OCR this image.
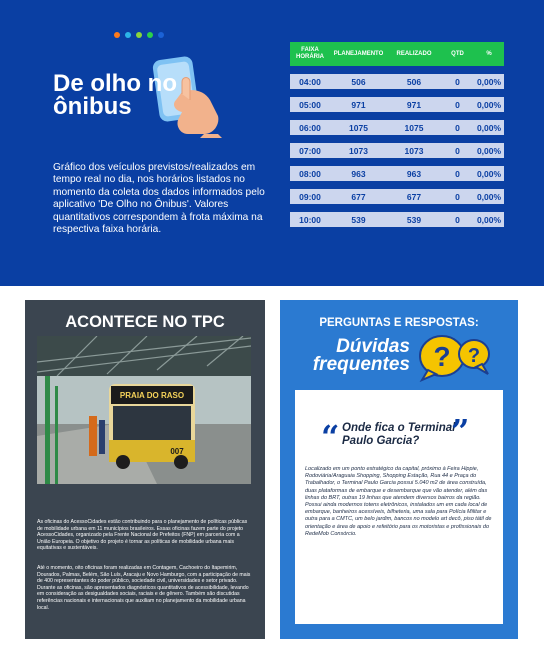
De olho no ônibus
Gráfico dos veículos previstos/realizados em tempo real no dia, nos horários listados no momento da coleta dos dados informados pelo aplicativo 'De Olho no Ônibus'. Valores quantitativos correspondem à frota máxima na respectiva faixa horária.
FAIXA HORÁRIA	PLANEJAMENTO	REALIZADO	QTD	%
04:00	506	506	0	0,00%
05:00	971	971	0	0,00%
06:00	1075	1075	0	0,00%
07:00	1073	1073	0	0,00%
08:00	963	963	0	0,00%
09:00	677	677	0	0,00%
10:00	539	539	0	0,00%
ACONTECE NO TPC
PRAIA DO RASO
007
As oficinas do AcessoCidades estão contribuindo para o planejamento de políticas públicas de mobilidade urbana em 11 municípios brasileiros. Essas oficinas fazem parte do projeto AcessoCidades, organizado pela Frente Nacional de Prefeitos (FNP) em parceria com a União Europeia. O objetivo do projeto é tornar as políticas de mobilidade urbana mais equitativas e sustentáveis.
Até o momento, oito oficinas foram realizadas em Contagem, Cachoeiro do Itapemirim, Dourados, Palmas, Belém, São Luís, Aracaju e Novo Hamburgo, com a participação de mais de 400 representantes do poder público, sociedade civil, universidades e setor privado. Durante as oficinas, são apresentados diagnósticos quantitativos de acessibilidade, levando em consideração as desigualdades sociais, raciais e de gênero. Também são discutidas referências nacionais e internacionais que auxiliam no planejamento da mobilidade urbana local.
PERGUNTAS E RESPOSTAS:
Dúvidas
frequentes ? ?
“ Onde fica o Terminal Paulo Garcia? ”
Localizado em um ponto estratégico da capital, próximo à Feira Hippie, Rodoviária/Araguaia Shopping, Shopping Estação, Rua 44 e Praça do Trabalhador, o Terminal Paulo Garcia possui 5.040 m2 de área construída, duas plataformas de embarque e desembarque que vão atender, além das linhas do BRT, outras 19 linhas que atendem diversos bairros da região. Possui ainda modernos totens eletrônicos, instalados um em cada local de embarque, banheiros acessíveis, bilheteria, uma sala para Polícia Militar e outra para a CMTC, um belo jardim, bancos no modelo art decô, piso tátil de orientação e área de apoio e refeitório para os motoristas e profissionais do RedeMob Consórcio.
